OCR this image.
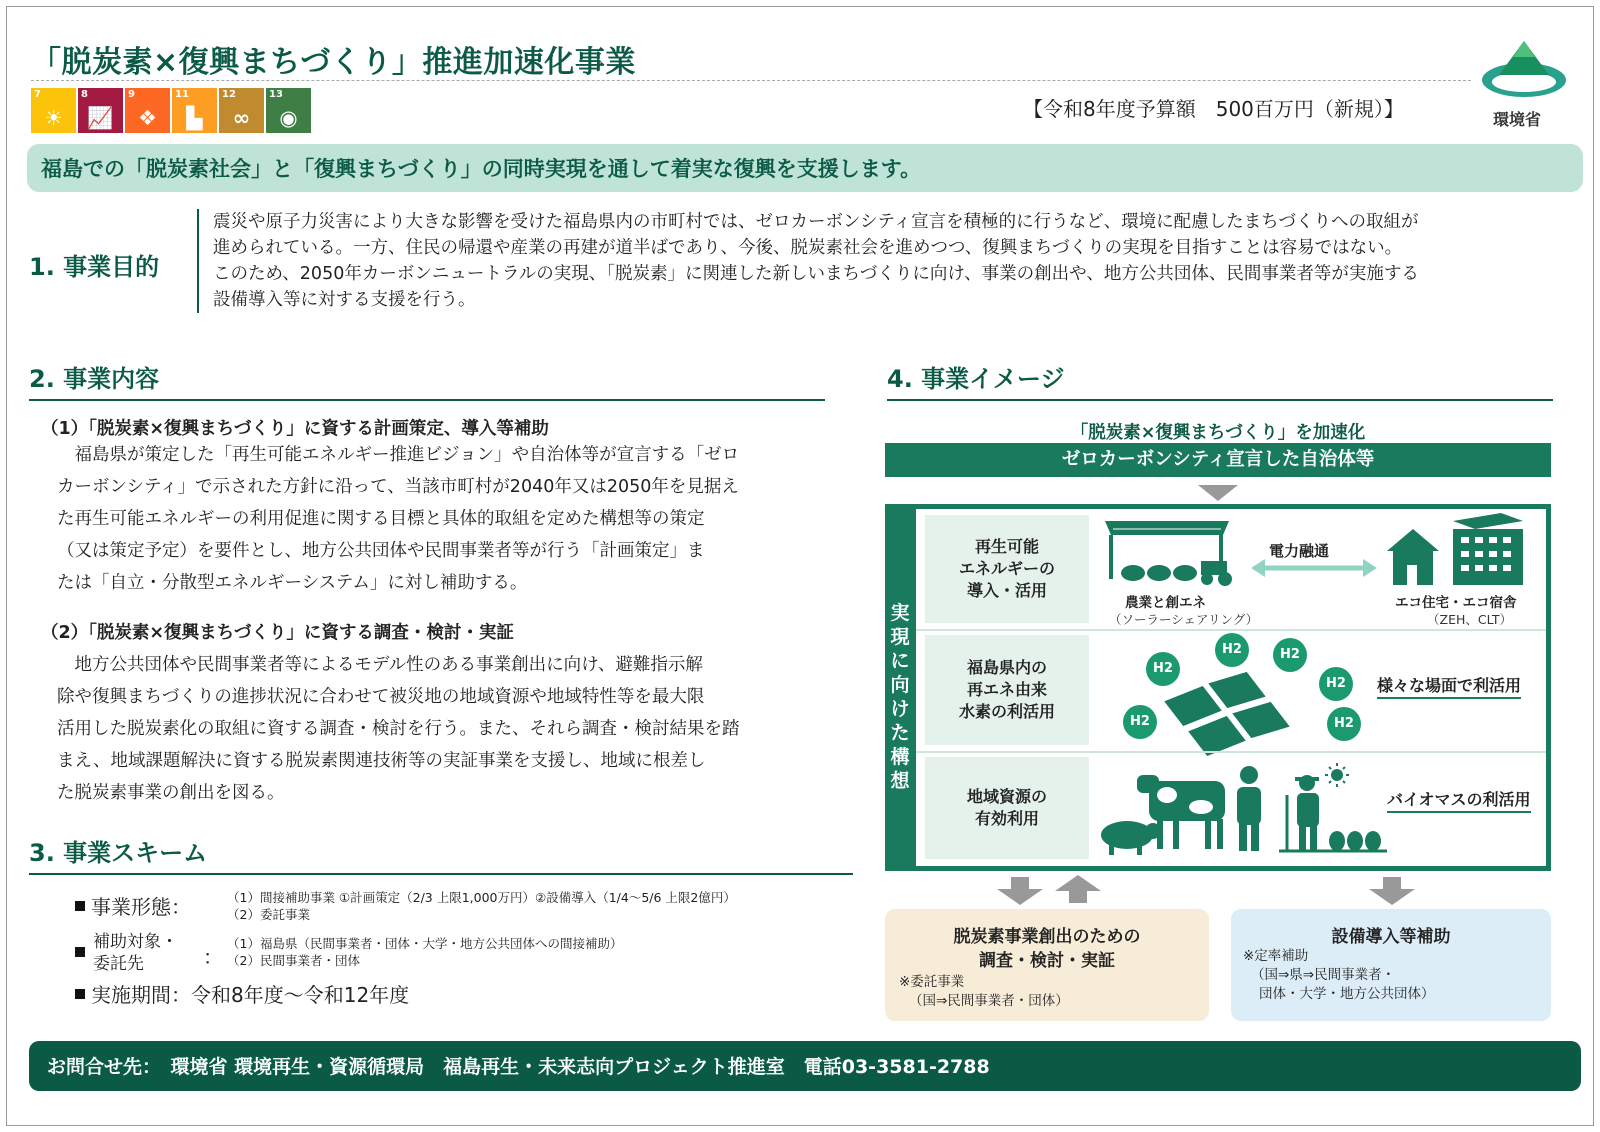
「脱炭素×復興まちづくり」推進加速化事業
7
☀
8
📈
9
❖
11
▙
12
∞
13
◉	【令和8年度予算額　500百万円（新規）】	環境省
福島での「脱炭素社会」と「復興まちづくり」の同時実現を通して着実な復興を支援します。
1. 事業目的
震災や原子力災害により大きな影響を受けた福島県内の市町村では、ゼロカーボンシティ宣言を積極的に行うなど、環境に配慮したまちづくりへの取組が
進められている。一方、住民の帰還や産業の再建が道半ばであり、今後、脱炭素社会を進めつつ、復興まちづくりの実現を目指すことは容易ではない。
このため、2050年カーボンニュートラルの実現、「脱炭素」に関連した新しいまちづくりに向け、事業の創出や、地方公共団体、民間事業者等が実施する
設備導入等に対する支援を行う。
2. 事業内容
（1）「脱炭素×復興まちづくり」に資する計画策定、導入等補助
　福島県が策定した「再生可能エネルギー推進ビジョン」や自治体等が宣言する「ゼロ
カーボンシティ」で示された方針に沿って、当該市町村が2040年又は2050年を見据え
た再生可能エネルギーの利用促進に関する目標と具体的取組を定めた構想等の策定
（又は策定予定）を要件とし、地方公共団体や民間事業者等が行う「計画策定」ま
たは「自立・分散型エネルギーシステム」に対し補助する。
（2）「脱炭素×復興まちづくり」に資する調査・検討・実証
　地方公共団体や民間事業者等によるモデル性のある事業創出に向け、避難指示解
除や復興まちづくりの進捗状況に合わせて被災地の地域資源や地域特性等を最大限
活用した脱炭素化の取組に資する調査・検討を行う。また、それら調査・検討結果を踏
まえ、地域課題解決に資する脱炭素関連技術等の実証事業を支援し、地域に根差し
た脱炭素事業の創出を図る。
3. 事業スキーム
事業形態：	（1）間接補助事業 ①計画策定（2/3 上限1,000万円）②設備導入（1/4～5/6 上限2億円）
（2）委託事業
補助対象・
委託先	：
（1）福島県（民間事業者・団体・大学・地方公共団体への間接補助）
（2）民間事業者・団体
実施期間：令和8年度～令和12年度
4. 事業イメージ
「脱炭素×復興まちづくり」を加速化
ゼロカーボンシティ宣言した自治体等
実
現
に
向
け
た
構
想
再生可能
エネルギーの
導入・活用
農業と創エネ
（ソーラーシェアリング）
電力融通
エコ住宅・エコ宿舎
（ZEH、CLT）
福島県内の
再エネ由来
水素の利活用
H2
H2	H2
H2
H2	H2
様々な場面で利活用
地域資源の
有効利用
バイオマスの利活用
脱炭素事業創出のための
調査・検討・実証
※委託事業
（国⇒民間事業者・団体）
設備導入等補助
※定率補助
（国⇒県⇒民間事業者・
団体・大学・地方公共団体）
お問合せ先：　環境省 環境再生・資源循環局　福島再生・未来志向プロジェクト推進室　電話03-3581-2788
